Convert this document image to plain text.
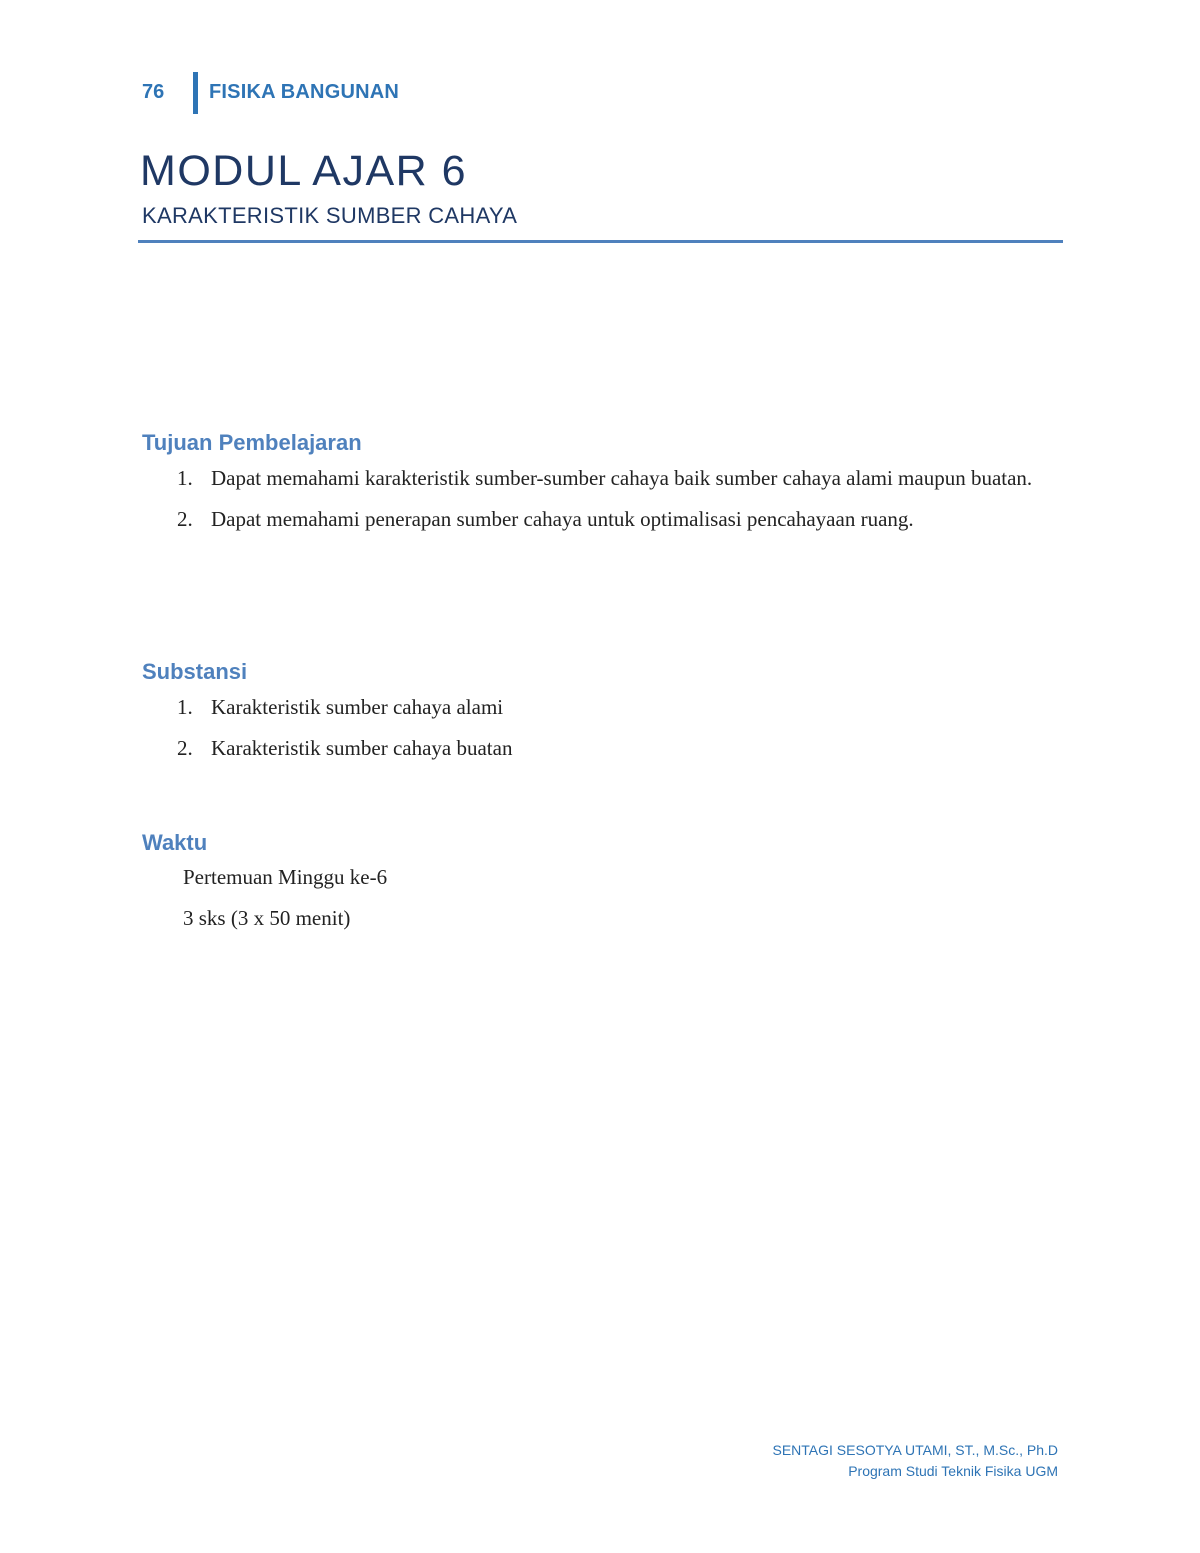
76 FISIKA BANGUNAN
MODUL AJAR 6
KARAKTERISTIK SUMBER CAHAYA
Tujuan Pembelajaran
1. Dapat memahami karakteristik sumber-sumber cahaya baik sumber cahaya alami maupun buatan.
2. Dapat memahami penerapan sumber cahaya untuk optimalisasi pencahayaan ruang.
Substansi
1. Karakteristik sumber cahaya alami
2. Karakteristik sumber cahaya buatan
Waktu
Pertemuan Minggu ke-6
3 sks (3 x 50 menit)
SENTAGI SESOTYA UTAMI, ST., M.Sc., Ph.D
Program Studi Teknik Fisika UGM
